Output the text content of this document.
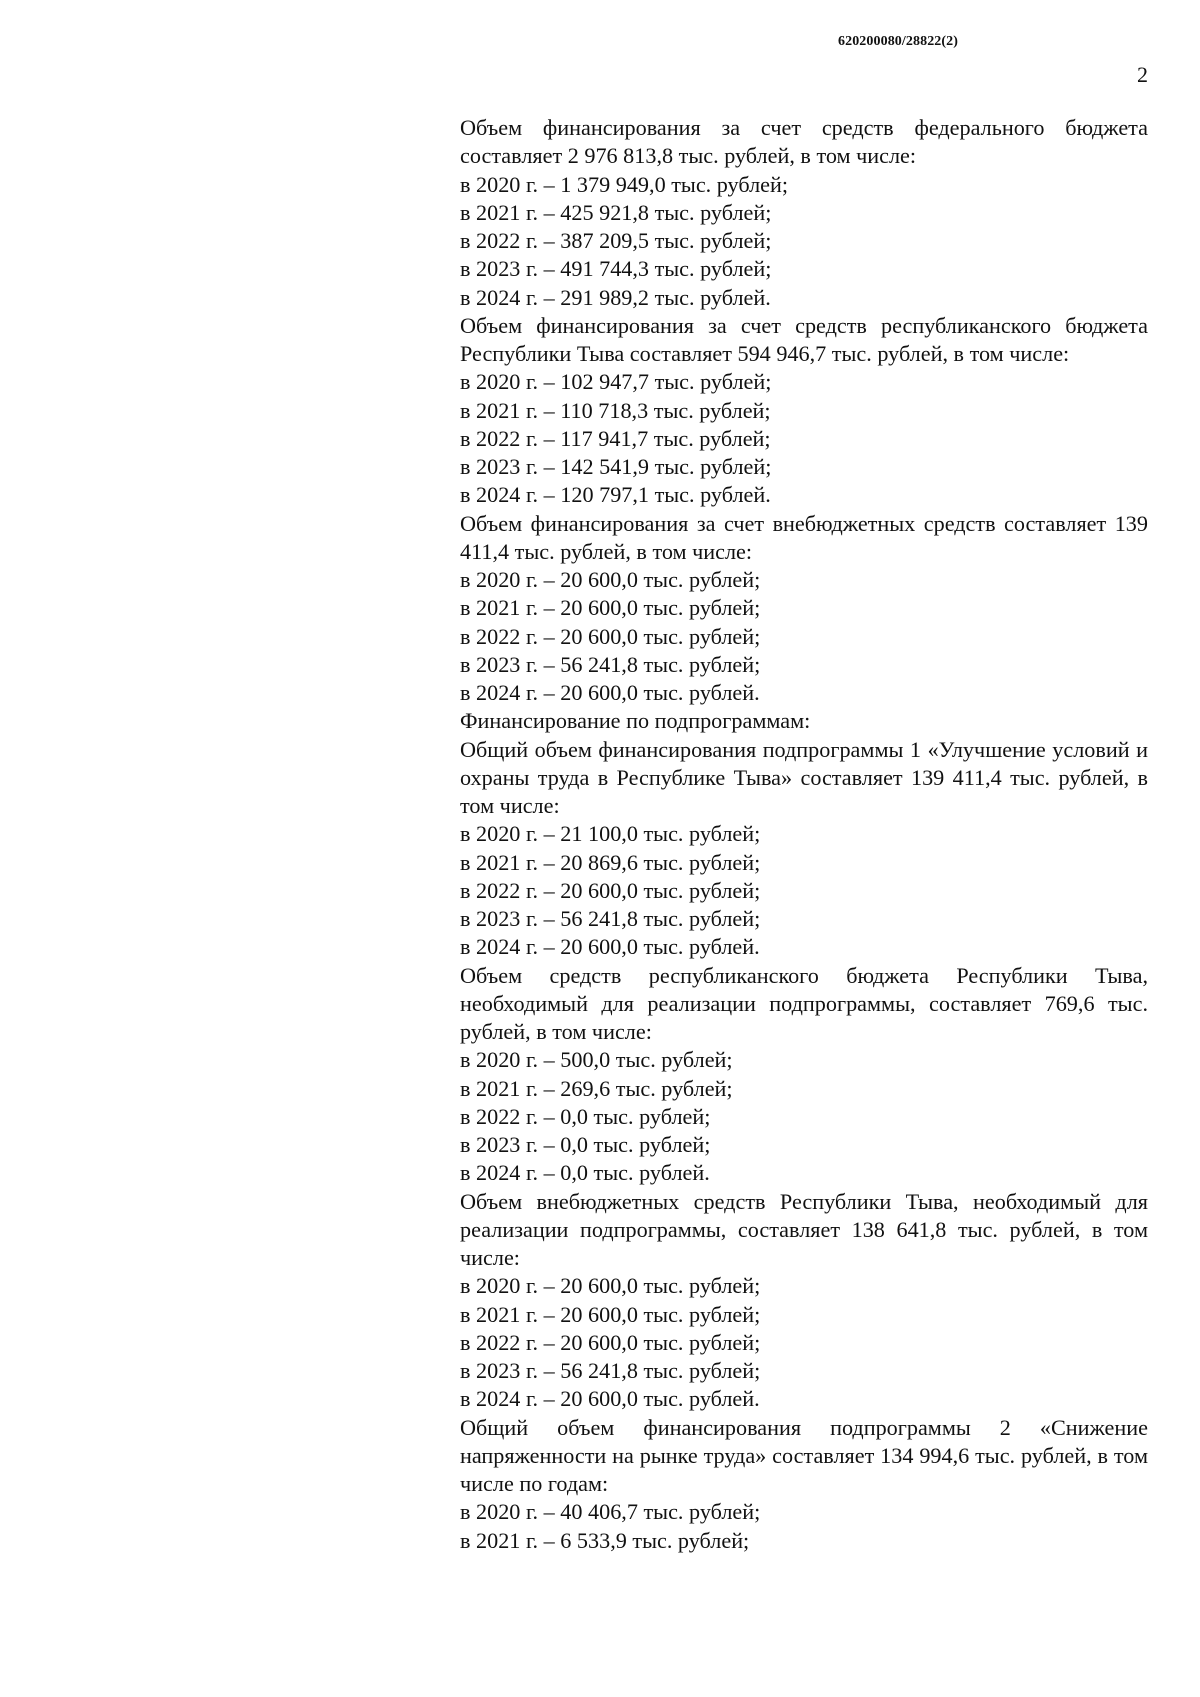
620200080/28822(2)
2

Объем финансирования за счет средств федерального бюджета составляет 2 976 813,8 тыс. рублей, в том числе:

в 2020 г. – 1 379 949,0 тыс. рублей;

в 2021 г. – 425 921,8 тыс. рублей;

в 2022 г. – 387 209,5 тыс. рублей;

в 2023 г. – 491 744,3 тыс. рублей;

в 2024 г. – 291 989,2 тыс. рублей.

Объем финансирования за счет средств республиканского бюджета Республики Тыва составляет 594 946,7 тыс. рублей, в том числе:

в 2020 г. – 102 947,7 тыс. рублей;

в 2021 г. – 110 718,3 тыс. рублей;

в 2022 г. – 117 941,7 тыс. рублей;

в 2023 г. – 142 541,9 тыс. рублей;

в 2024 г. – 120 797,1 тыс. рублей.

Объем финансирования за счет внебюджетных средств составляет 139 411,4 тыс. рублей, в том числе:

в 2020 г. – 20 600,0 тыс. рублей;

в 2021 г. – 20 600,0 тыс. рублей;

в 2022 г. – 20 600,0 тыс. рублей;

в 2023 г. – 56 241,8 тыс. рублей;

в 2024 г. – 20 600,0 тыс. рублей.

Финансирование по подпрограммам:

Общий объем финансирования подпрограммы 1 «Улучшение условий и охраны труда в Республике Тыва» составляет 139 411,4 тыс. рублей, в том числе:

в 2020 г. – 21 100,0 тыс. рублей;

в 2021 г. – 20 869,6 тыс. рублей;

в 2022 г. – 20 600,0 тыс. рублей;

в 2023 г. – 56 241,8 тыс. рублей;

в 2024 г. – 20 600,0 тыс. рублей.

Объем средств республиканского бюджета Республики Тыва, необходимый для реализации подпрограммы, составляет 769,6 тыс. рублей, в том числе:

в 2020 г. – 500,0 тыс. рублей;

в 2021 г. – 269,6 тыс. рублей;

в 2022 г. – 0,0 тыс. рублей;

в 2023 г. – 0,0 тыс. рублей;

в 2024 г. – 0,0 тыс. рублей.

Объем внебюджетных средств Республики Тыва, необходимый для реализации подпрограммы, составляет 138 641,8 тыс. рублей, в том числе:

в 2020 г. – 20 600,0 тыс. рублей;

в 2021 г. – 20 600,0 тыс. рублей;

в 2022 г. – 20 600,0 тыс. рублей;

в 2023 г. – 56 241,8 тыс. рублей;

в 2024 г. – 20 600,0 тыс. рублей.

Общий объем финансирования подпрограммы 2 «Снижение напряженности на рынке труда» составляет 134 994,6 тыс. рублей, в том числе по годам:

в 2020 г. – 40 406,7 тыс. рублей;

в 2021 г. – 6 533,9 тыс. рублей;
